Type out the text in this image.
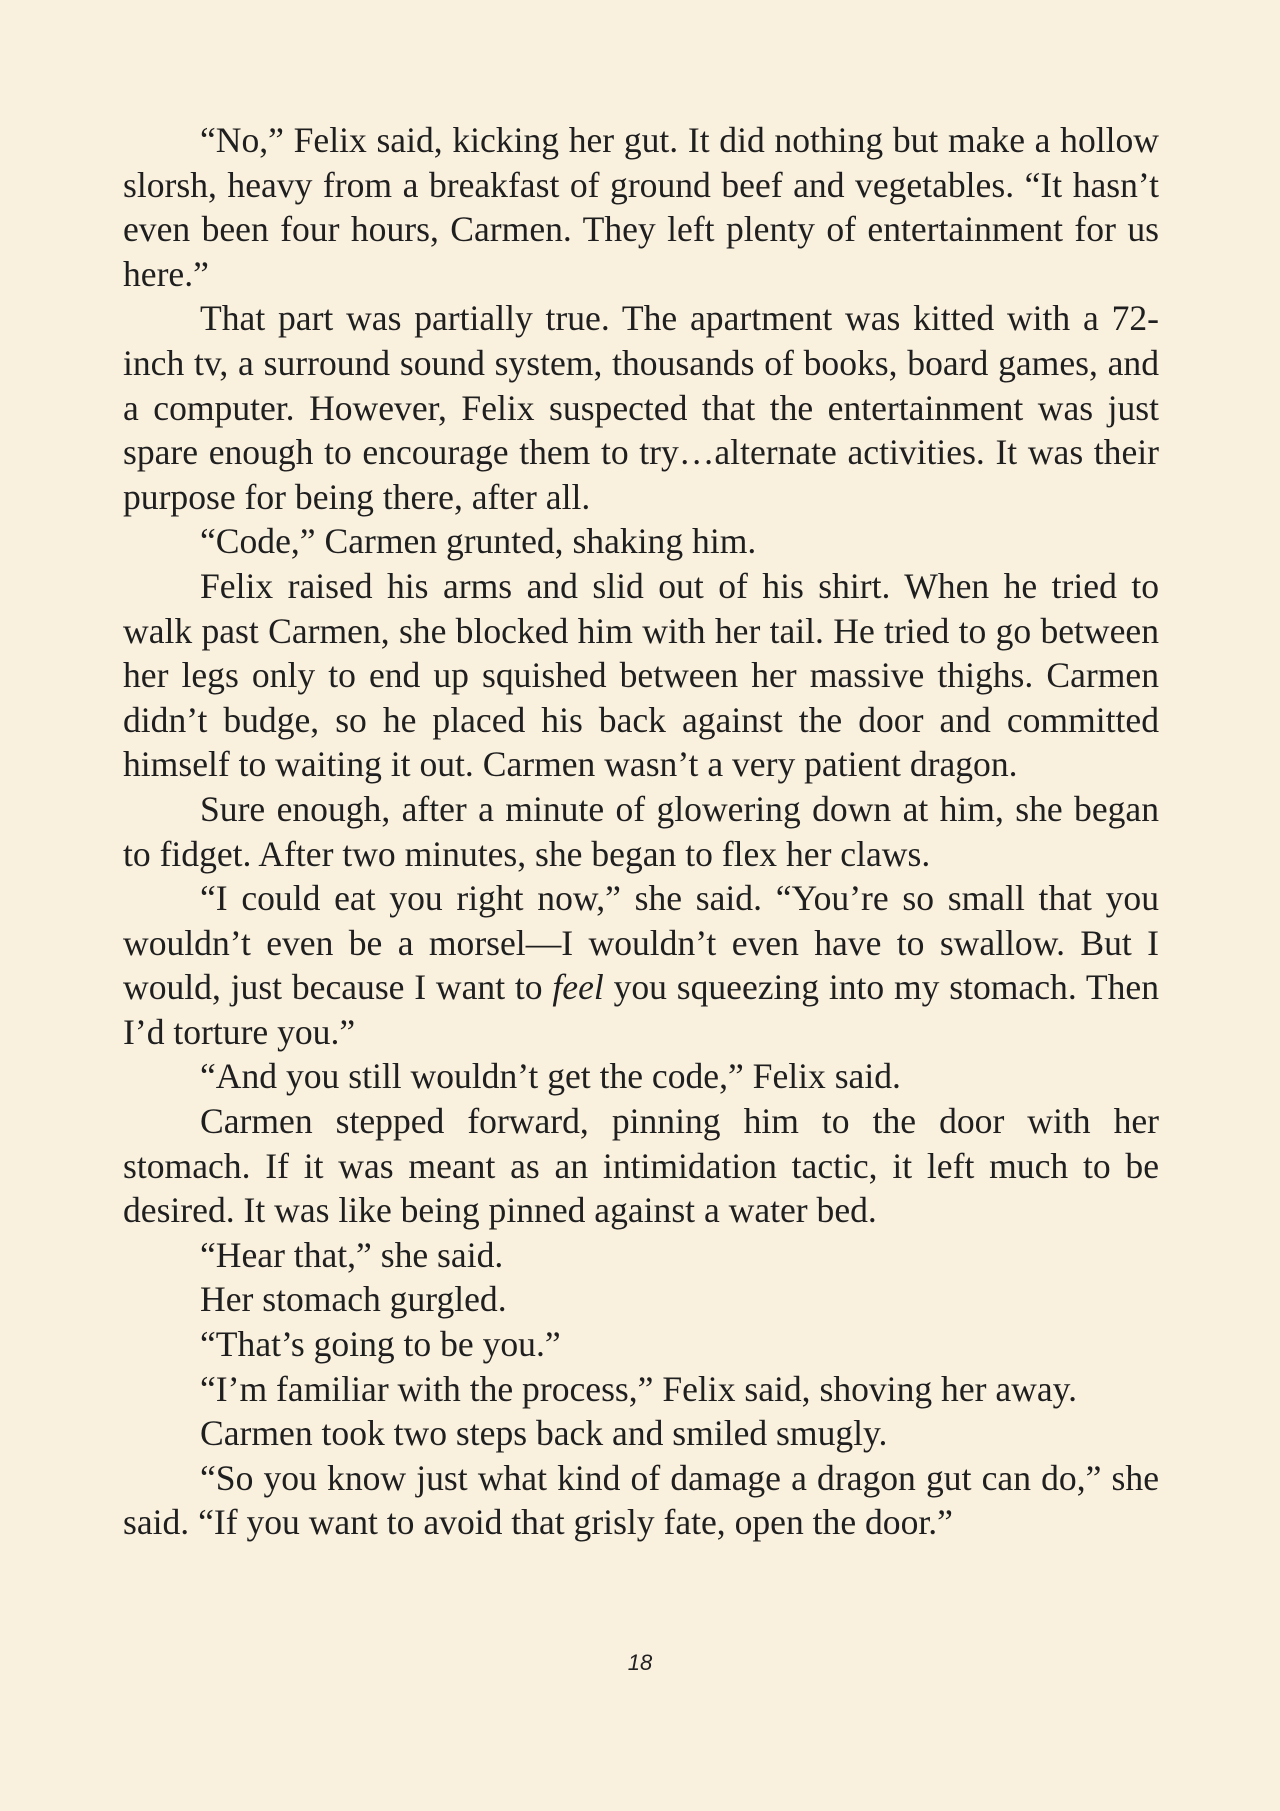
“No,” Felix said, kicking her gut. It did nothing but make a hollow slorsh, heavy from a breakfast of ground beef and vegetables. “It hasn’t even been four hours, Carmen. They left plenty of entertainment for us here.”

That part was partially true. The apartment was kitted with a 72-inch tv, a surround sound system, thousands of books, board games, and a computer. However, Felix suspected that the entertainment was just spare enough to encourage them to try…alternate activities. It was their purpose for being there, after all.

“Code,” Carmen grunted, shaking him.

Felix raised his arms and slid out of his shirt. When he tried to walk past Carmen, she blocked him with her tail. He tried to go between her legs only to end up squished between her massive thighs. Carmen didn’t budge, so he placed his back against the door and committed himself to waiting it out. Carmen wasn’t a very patient dragon.

Sure enough, after a minute of glowering down at him, she began to fidget. After two minutes, she began to flex her claws.

“I could eat you right now,” she said. “You’re so small that you wouldn’t even be a morsel—I wouldn’t even have to swallow. But I would, just because I want to feel you squeezing into my stomach. Then I’d torture you.”

“And you still wouldn’t get the code,” Felix said.

Carmen stepped forward, pinning him to the door with her stomach. If it was meant as an intimidation tactic, it left much to be desired. It was like being pinned against a water bed.

“Hear that,” she said.

Her stomach gurgled.

“That’s going to be you.”

“I’m familiar with the process,” Felix said, shoving her away.

Carmen took two steps back and smiled smugly.

“So you know just what kind of damage a dragon gut can do,” she said. “If you want to avoid that grisly fate, open the door.”

18
